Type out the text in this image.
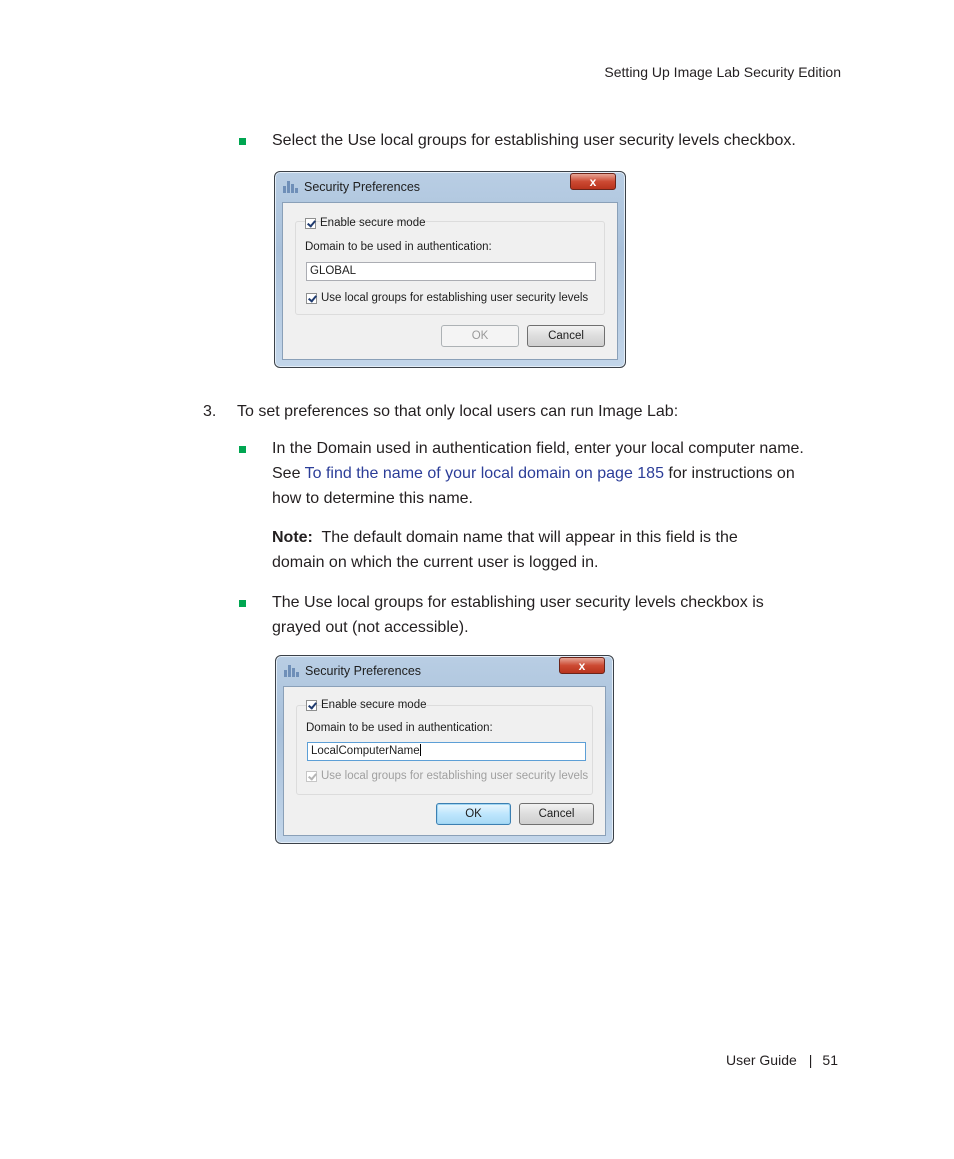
Setting Up Image Lab Security Edition
Select the Use local groups for establishing user security levels checkbox.
Security Preferences	x
Enable secure mode
Domain to be used in authentication:
GLOBAL
Use local groups for establishing user security levels
OK	Cancel
3. To set preferences so that only local users can run Image Lab:
In the Domain used in authentication field, enter your local computer name.
See To find the name of your local domain on page 185 for instructions on
how to determine this name.
Note: The default domain name that will appear in this field is the
domain on which the current user is logged in.
The Use local groups for establishing user security levels checkbox is
grayed out (not accessible).
Security Preferences	x
Enable secure mode
Domain to be used in authentication:
LocalComputerName
Use local groups for establishing user security levels
OK	Cancel
User Guide | 51
